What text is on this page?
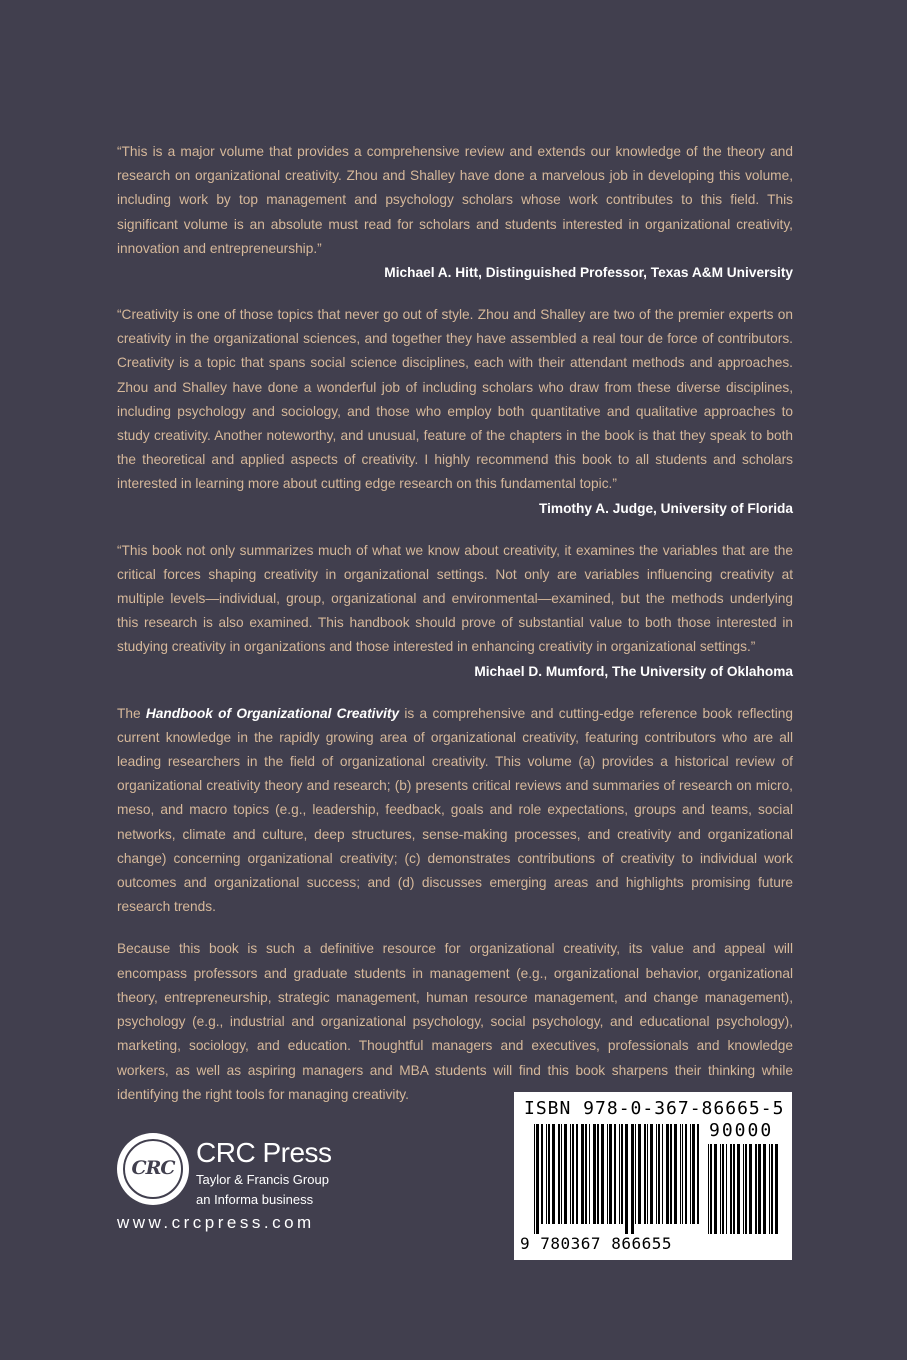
“This is a major volume that provides a comprehensive review and extends our knowledge of the theory and research on organizational creativity. Zhou and Shalley have done a marvelous job in developing this volume, including work by top management and psychology scholars whose work contributes to this field. This significant volume is an absolute must read for scholars and students interested in organizational creativity, innovation and entrepreneurship.”

Michael A. Hitt, Distinguished Professor, Texas A&M University

“Creativity is one of those topics that never go out of style. Zhou and Shalley are two of the premier experts on creativity in the organizational sciences, and together they have assembled a real tour de force of contributors. Creativity is a topic that spans social science disciplines, each with their attendant methods and approaches. Zhou and Shalley have done a wonderful job of including scholars who draw from these diverse disciplines, including psychology and sociology, and those who employ both quantitative and qualitative approaches to study creativity. Another noteworthy, and unusual, feature of the chapters in the book is that they speak to both the theoretical and applied aspects of creativity. I highly recommend this book to all students and scholars interested in learning more about cutting edge research on this fundamental topic.”

Timothy A. Judge, University of Florida

“This book not only summarizes much of what we know about creativity, it examines the variables that are the critical forces shaping creativity in organizational settings. Not only are variables influencing creativity at multiple levels—individual, group, organizational and environmental—examined, but the methods underlying this research is also examined. This handbook should prove of substantial value to both those interested in studying creativity in organizations and those interested in enhancing creativity in organizational settings.”

Michael D. Mumford, The University of Oklahoma

The Handbook of Organizational Creativity is a comprehensive and cutting-edge reference book reflecting current knowledge in the rapidly growing area of organizational creativity, featuring contributors who are all leading researchers in the field of organizational creativity. This volume (a) provides a historical review of organizational creativity theory and research; (b) presents critical reviews and summaries of research on micro, meso, and macro topics (e.g., leadership, feedback, goals and role expectations, groups and teams, social networks, climate and culture, deep structures, sense-making processes, and creativity and organizational change) concerning organizational creativity; (c) demonstrates contributions of creativity to individual work outcomes and organizational success; and (d) discusses emerging areas and highlights promising future research trends.

Because this book is such a definitive resource for organizational creativity, its value and appeal will encompass professors and graduate students in management (e.g., organizational behavior, organizational theory, entrepreneurship, strategic management, human resource management, and change management), psychology (e.g., industrial and organizational psychology, social psychology, and educational psychology), marketing, sociology, and education. Thoughtful managers and executives, professionals and knowledge workers, as well as aspiring managers and MBA students will find this book sharpens their thinking while identifying the right tools for managing creativity.

CRC CRC Press
Taylor & Francis Group
an Informa business
www.crcpress.com
ISBN 978-0-367-86665-5
90000
9 780367 866655
